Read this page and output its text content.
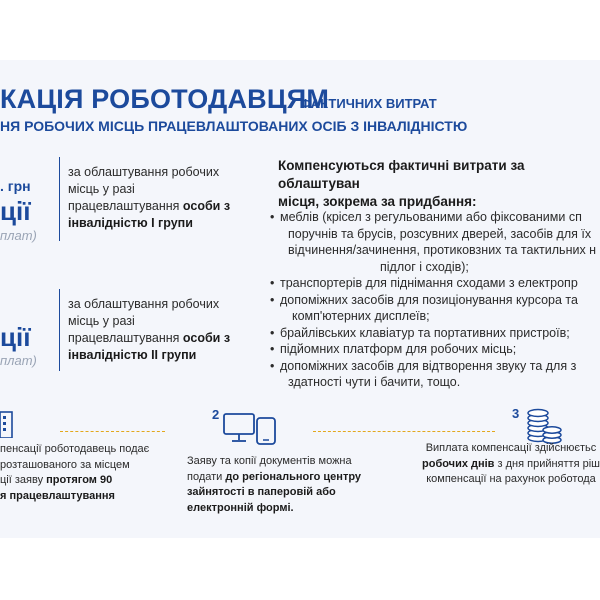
КАЦІЯ РОБОТОДАВЦЯМ
ФАКТИЧНИХ ВИТРАТ
НЯ РОБОЧИХ МІСЦЬ ПРАЦЕВЛАШТОВАНИХ ОСІБ З ІНВАЛІДНІСТЮ
. грн
ції
плат)
ції
плат)
за облаштування робочих
місць у разі
працевлаштування особи з
інвалідністю I групи
за облаштування робочих
місць у разі
працевлаштування особи з
інвалідністю II групи
Компенсуються фактичні витрати за облаштуван
місця, зокрема за придбання:
• меблів (крісел з регульованими або фіксованими сп
поручнів та брусів, розсувних дверей, засобів для їх
відчинення/зачинення, протиковзних та тактильних н
підлог і сходів);
• транспортерів для піднімання сходами з електропр
• допоміжних засобів для позиціонування курсора та
комп'ютерних дисплеїв;
• брайлівських клавіатур та портативних пристроїв;
• підйомних платформ для робочих місць;
• допоміжних засобів для відтворення звуку та для з
здатності чути і бачити, тощо.
2	3
пенсації роботодавець подає
розташованого за місцем
ції заяву протягом 90
я працевлаштування
Заяву та копії документів можна
подати до регіонального центру
зайнятості в паперовій або
електронній формі.
Виплата компенсації здійснюєтьс
робочих днів з дня прийняття ріш
компенсації на рахунок роботода
